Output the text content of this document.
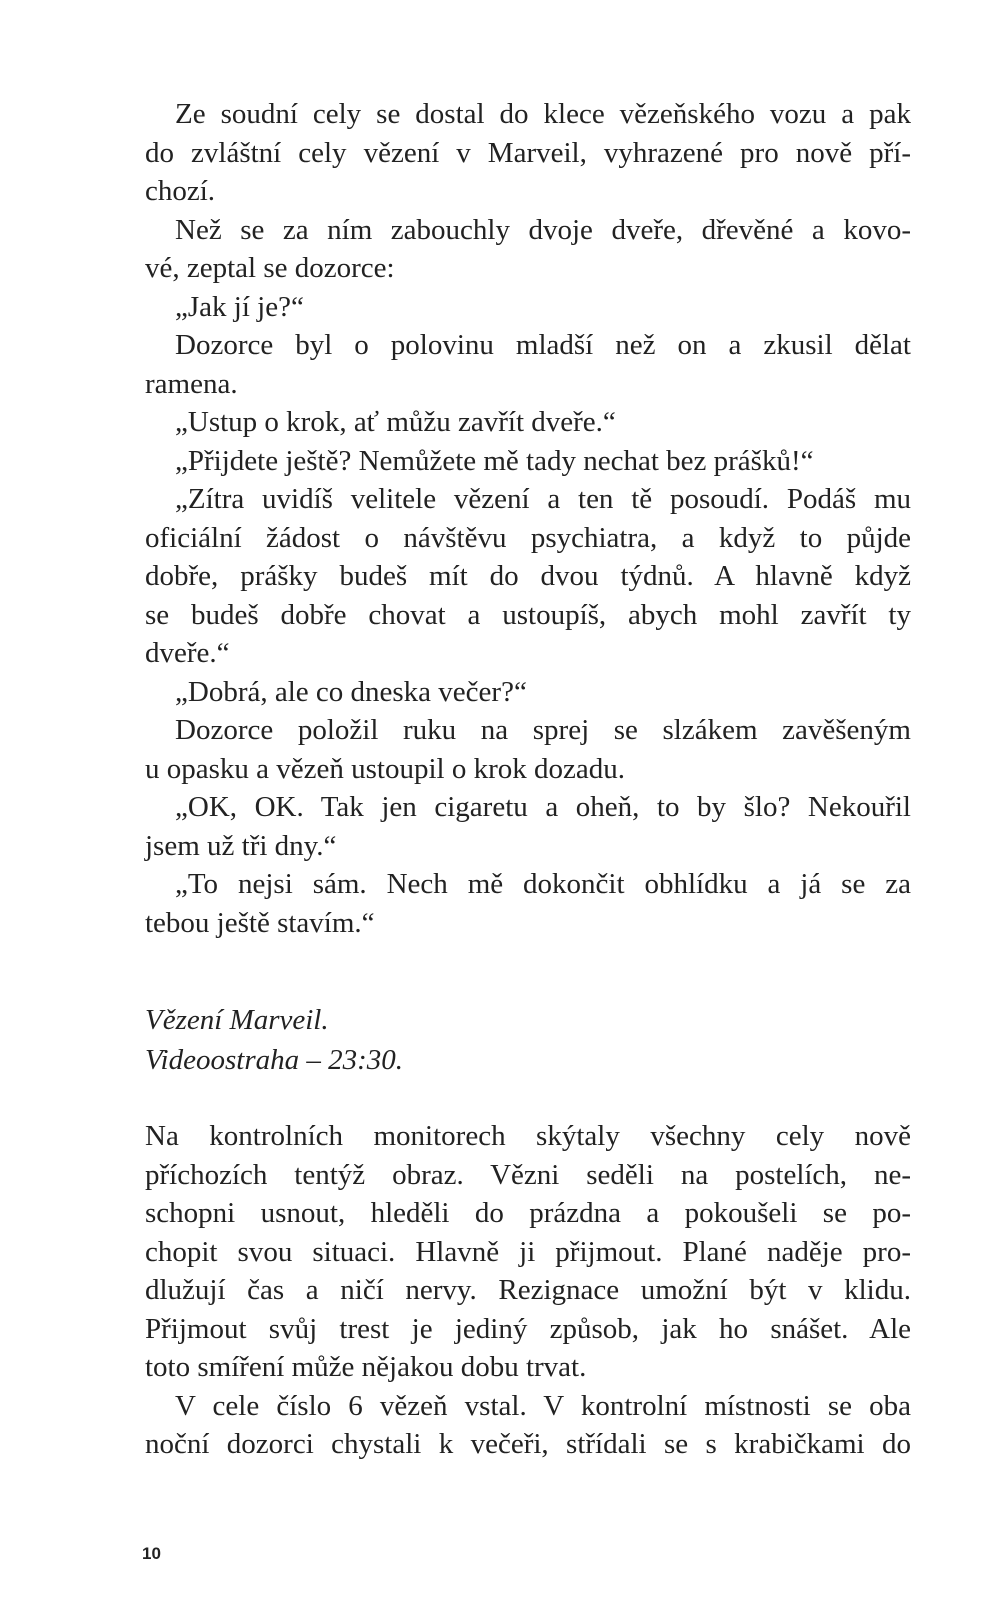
Ze soudní cely se dostal do klece vězeňského vozu a pak
do zvláštní cely vězení v Marveil, vyhrazené pro nově pří-
chozí.
Než se za ním zabouchly dvoje dveře, dřevěné a kovo-
vé, zeptal se dozorce:
„Jak jí je?“
Dozorce byl o polovinu mladší než on a zkusil dělat
ramena.
„Ustup o krok, ať můžu zavřít dveře.“
„Přijdete ještě? Nemůžete mě tady nechat bez prášků!“
„Zítra uvidíš velitele vězení a ten tě posoudí. Podáš mu
oficiální žádost o návštěvu psychiatra, a když to půjde
dobře, prášky budeš mít do dvou týdnů. A hlavně když
se budeš dobře chovat a ustoupíš, abych mohl zavřít ty
dveře.“
„Dobrá, ale co dneska večer?“
Dozorce položil ruku na sprej se slzákem zavěšeným
u opasku a vězeň ustoupil o krok dozadu.
„OK, OK. Tak jen cigaretu a oheň, to by šlo? Nekouřil
jsem už tři dny.“
„To nejsi sám. Nech mě dokončit obhlídku a já se za
tebou ještě stavím.“
Vězení Marveil.
Videoostraha – 23:30.
Na kontrolních monitorech skýtaly všechny cely nově
příchozích tentýž obraz. Vězni seděli na postelích, ne-
schopni usnout, hleděli do prázdna a pokoušeli se po-
chopit svou situaci. Hlavně ji přijmout. Plané naděje pro-
dlužují čas a ničí nervy. Rezignace umožní být v klidu.
Přijmout svůj trest je jediný způsob, jak ho snášet. Ale
toto smíření může nějakou dobu trvat.
V cele číslo 6 vězeň vstal. V kontrolní místnosti se oba
noční dozorci chystali k večeři, střídali se s krabičkami do
10
